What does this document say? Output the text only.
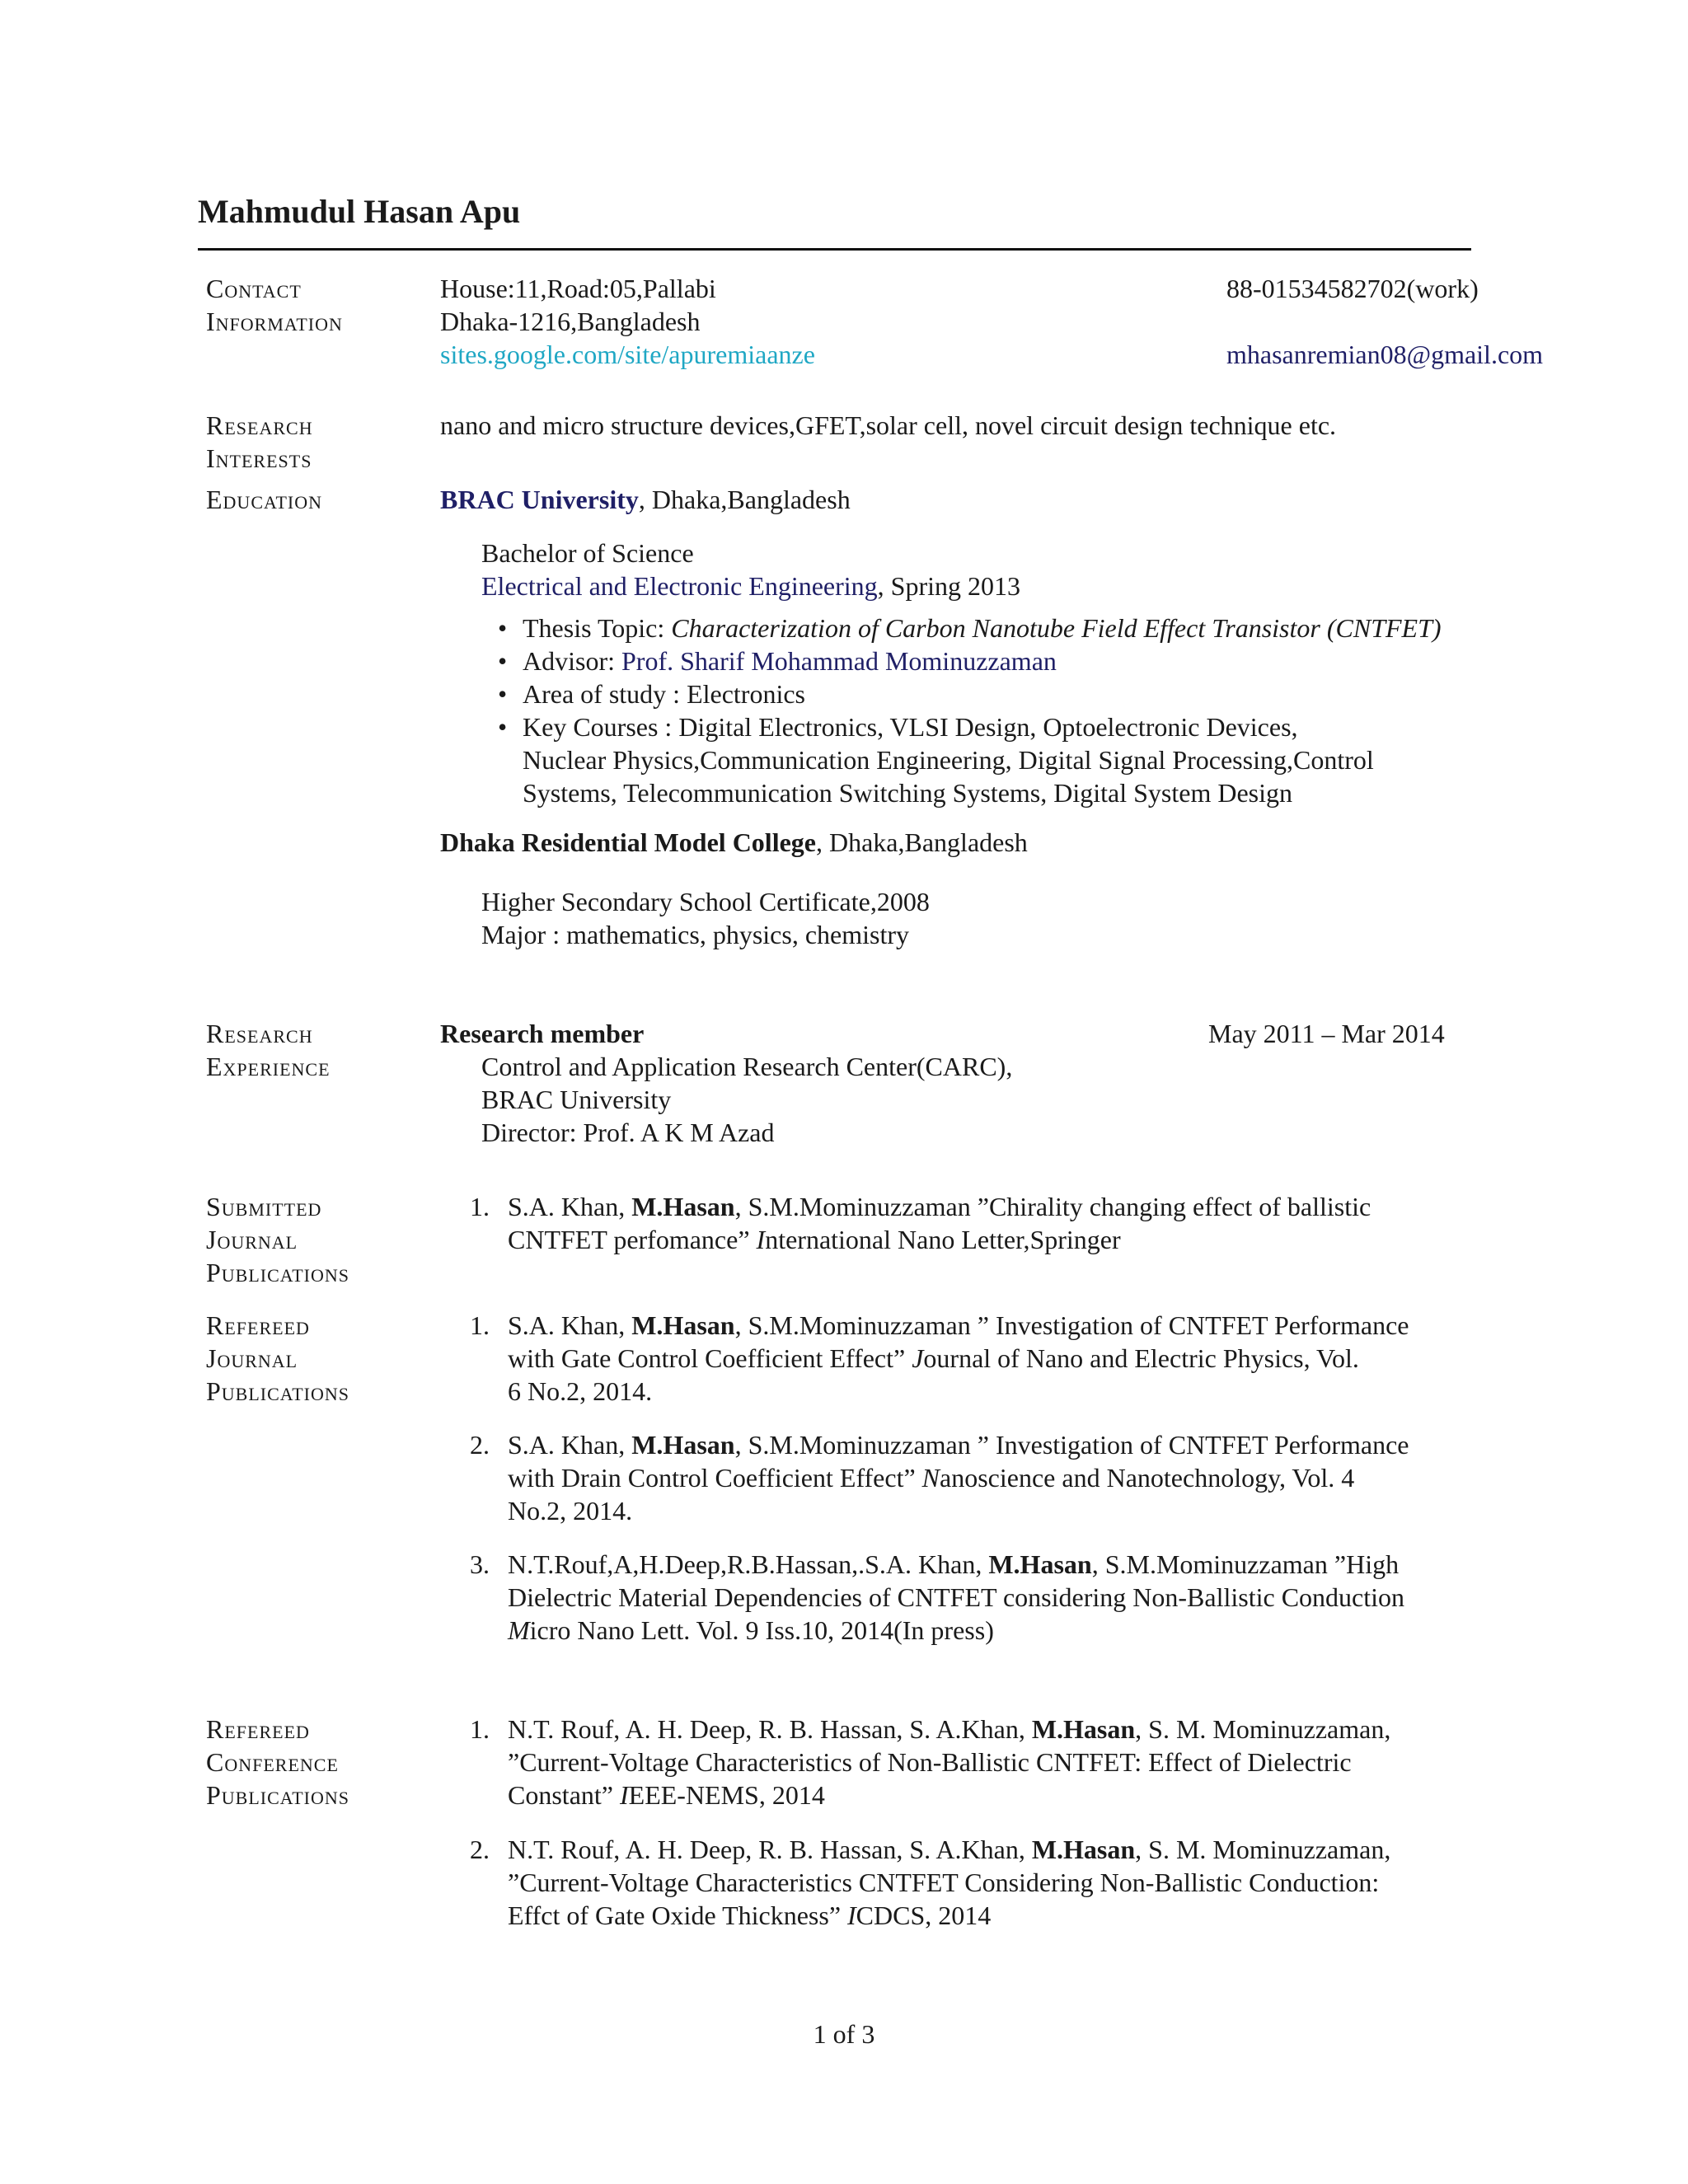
Mahmudul Hasan Apu
Contact
Information
House:11,Road:05,Pallabi
Dhaka-1216,Bangladesh
sites.google.com/site/apuremiaanze
88-01534582702(work)
mhasanremian08@gmail.com
Research
Interests
nano and micro structure devices,GFET,solar cell, novel circuit design technique etc.
Education	BRAC University, Dhaka,Bangladesh
Bachelor of Science
Electrical and Electronic Engineering, Spring 2013
• Thesis Topic: Characterization of Carbon Nanotube Field Effect Transistor (CNTFET)
• Advisor: Prof. Sharif Mohammad Mominuzzaman
• Area of study : Electronics
• Key Courses : Digital Electronics, VLSI Design, Optoelectronic Devices,
Nuclear Physics,Communication Engineering, Digital Signal Processing,Control
Systems, Telecommunication Switching Systems, Digital System Design
Dhaka Residential Model College, Dhaka,Bangladesh
Higher Secondary School Certificate,2008
Major : mathematics, physics, chemistry
Research
Experience
Research member	May 2011 – Mar 2014
Control and Application Research Center(CARC),
BRAC University
Director: Prof. A K M Azad
Submitted
Journal
Publications
1. S.A. Khan, M.Hasan, S.M.Mominuzzaman ”Chirality changing effect of ballistic
CNTFET perfomance” International Nano Letter,Springer
Refereed
Journal
Publications
1. S.A. Khan, M.Hasan, S.M.Mominuzzaman ” Investigation of CNTFET Performance
with Gate Control Coefficient Effect” Journal of Nano and Electric Physics, Vol.
6 No.2, 2014.
2. S.A. Khan, M.Hasan, S.M.Mominuzzaman ” Investigation of CNTFET Performance
with Drain Control Coefficient Effect” Nanoscience and Nanotechnology, Vol. 4
No.2, 2014.
3. N.T.Rouf,A,H.Deep,R.B.Hassan,.S.A. Khan, M.Hasan, S.M.Mominuzzaman ”High
Dielectric Material Dependencies of CNTFET considering Non-Ballistic Conduction
Micro Nano Lett. Vol. 9 Iss.10, 2014(In press)
Refereed
Conference
Publications
1. N.T. Rouf, A. H. Deep, R. B. Hassan, S. A.Khan, M.Hasan, S. M. Mominuzzaman,
”Current-Voltage Characteristics of Non-Ballistic CNTFET: Effect of Dielectric
Constant” IEEE-NEMS, 2014
2. N.T. Rouf, A. H. Deep, R. B. Hassan, S. A.Khan, M.Hasan, S. M. Mominuzzaman,
”Current-Voltage Characteristics CNTFET Considering Non-Ballistic Conduction:
Effct of Gate Oxide Thickness” ICDCS, 2014
1 of 3
